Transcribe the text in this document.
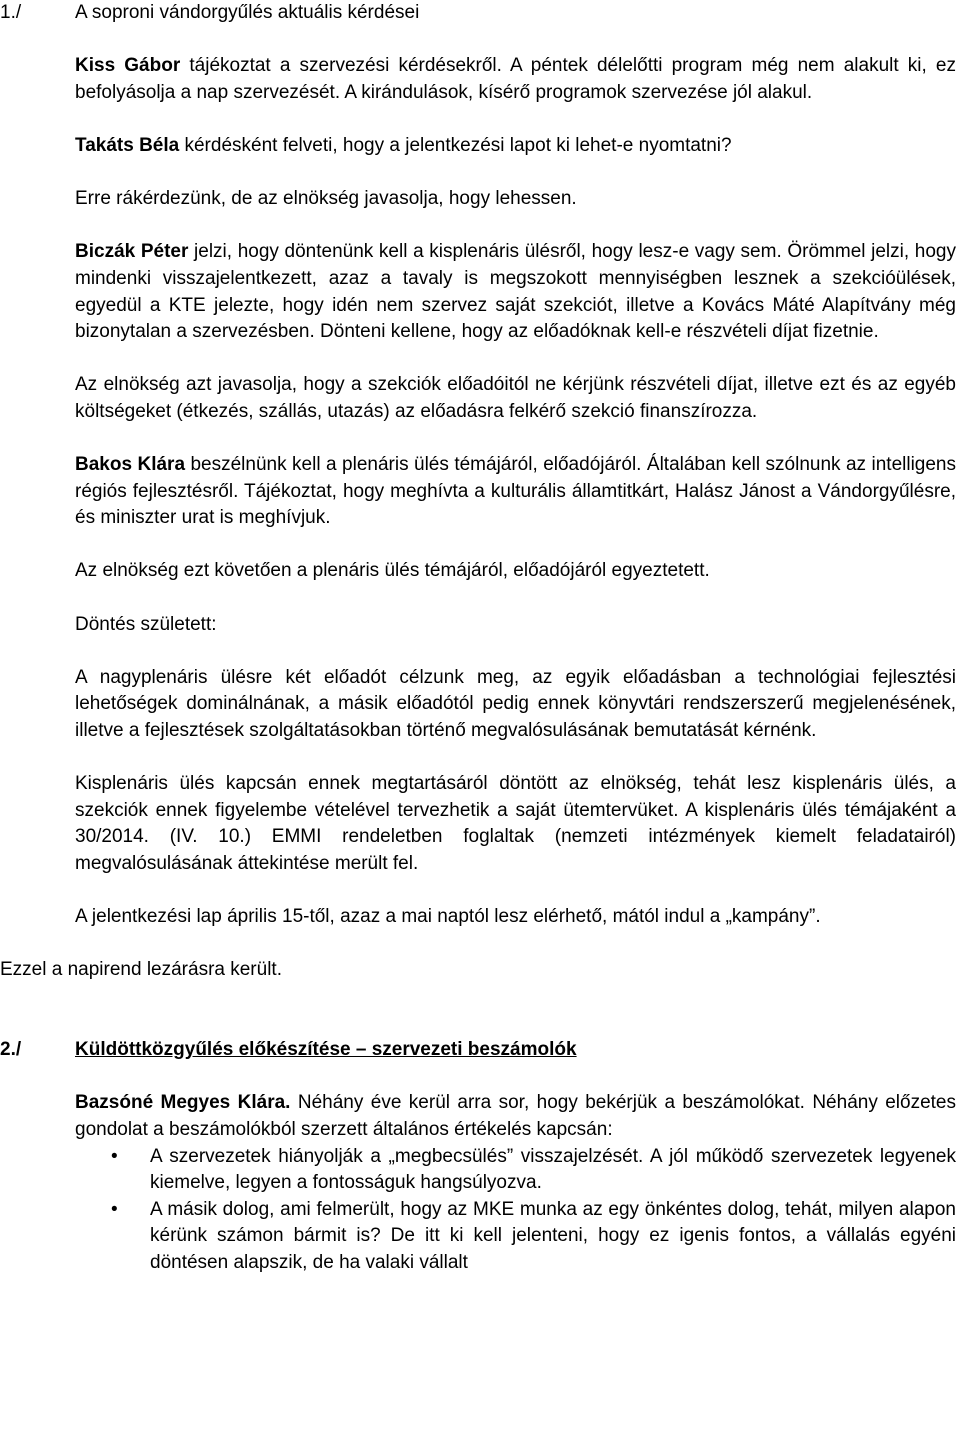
1./	A soproni vándorgyűlés aktuális kérdései

Kiss Gábor tájékoztat a szervezési kérdésekről. A péntek délelőtti program még nem alakult ki, ez befolyásolja a nap szervezését. A kirándulások, kísérő programok szervezése jól alakul.

Takáts Béla kérdésként felveti, hogy a jelentkezési lapot ki lehet-e nyomtatni?

Erre rákérdezünk, de az elnökség javasolja, hogy lehessen.

Biczák Péter jelzi, hogy döntenünk kell a kisplenáris ülésről, hogy lesz-e vagy sem. Örömmel jelzi, hogy mindenki visszajelentkezett, azaz a tavaly is megszokott mennyiségben lesznek a szekcióülések, egyedül a KTE jelezte, hogy idén nem szervez saját szekciót, illetve a Kovács Máté Alapítvány még bizonytalan a szervezésben. Dönteni kellene, hogy az előadóknak kell-e részvételi díjat fizetnie.

Az elnökség azt javasolja, hogy a szekciók előadóitól ne kérjünk részvételi díjat, illetve ezt és az egyéb költségeket (étkezés, szállás, utazás) az előadásra felkérő szekció finanszírozza.

Bakos Klára beszélnünk kell a plenáris ülés témájáról, előadójáról. Általában kell szólnunk az intelligens régiós fejlesztésről. Tájékoztat, hogy meghívta a kulturális államtitkárt, Halász Jánost a Vándorgyűlésre, és miniszter urat is meghívjuk.

Az elnökség ezt követően a plenáris ülés témájáról, előadójáról egyeztetett.

Döntés született:

A nagyplenáris ülésre két előadót célzunk meg, az egyik előadásban a technológiai fejlesztési lehetőségek dominálnának, a másik előadótól pedig ennek könyvtári rendszerszerű megjelenésének, illetve a fejlesztések szolgáltatásokban történő megvalósulásának bemutatását kérnénk.

Kisplenáris ülés kapcsán ennek megtartásáról döntött az elnökség, tehát lesz kisplenáris ülés, a szekciók ennek figyelembe vételével tervezhetik a saját ütemtervüket. A kisplenáris ülés témájaként a 30/2014. (IV. 10.) EMMI rendeletben foglaltak (nemzeti intézmények kiemelt feladatairól) megvalósulásának áttekintése merült fel.

A jelentkezési lap április 15-től, azaz a mai naptól lesz elérhető, mától indul a „kampány”.

Ezzel a napirend lezárásra került.

2./	Küldöttközgyűlés előkészítése – szervezeti beszámolók

Bazsóné Megyes Klára. Néhány éve kerül arra sor, hogy bekérjük a beszámolókat. Néhány előzetes gondolat a beszámolókból szerzett általános értékelés kapcsán:

• A szervezetek hiányolják a „megbecsülés” visszajelzését. A jól működő szervezetek legyenek kiemelve, legyen a fontosságuk hangsúlyozva.
• A másik dolog, ami felmerült, hogy az MKE munka az egy önkéntes dolog, tehát, milyen alapon kérünk számon bármit is? De itt ki kell jelenteni, hogy ez igenis fontos, a vállalás egyéni döntésen alapszik, de ha valaki vállalt
